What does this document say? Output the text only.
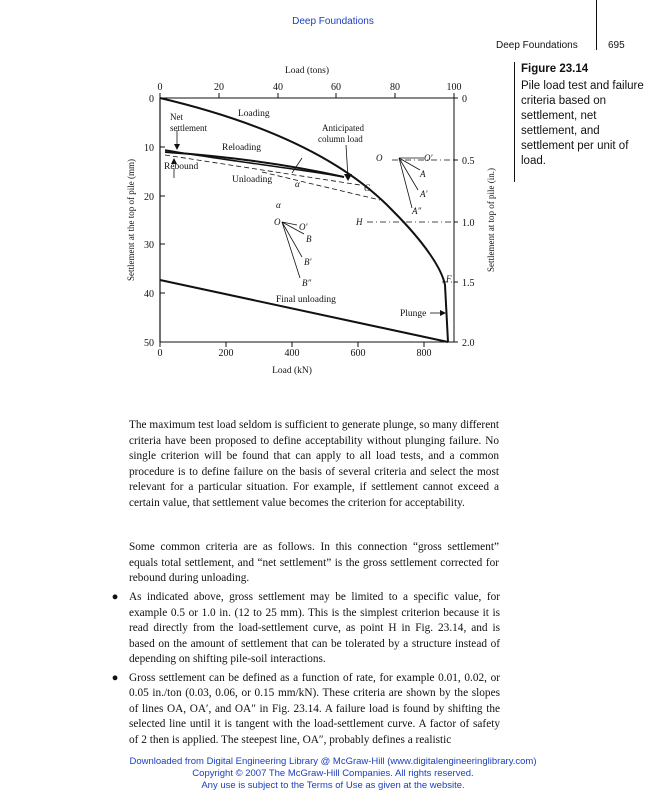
Deep Foundations
Deep Foundations	695
Figure 23.14
Pile load test and failure criteria based on settlement, net settlement, and settlement per unit of load.
0	20	40	60	80	100
Load (tons)
0	200	400	600	800
Load (kN)
0
10
20
30
40
50
Settlement at the top of pile (mm)
0
0.5
1.0
1.5
2.0
Settlement at top of pile (in.)
Loading
Net
settlement	Anticipated
column load
Reloading
Rebound
Unloading
Final unloading
Plunge
α
α
O	O′
A
A′
A″
O O′
B
B′
B″
G
H
F
The maximum test load seldom is sufficient to generate plunge, so many different criteria have been proposed to define acceptability without plunging failure. No single criterion will be found that can apply to all load tests, and a common procedure is to define failure on the basis of several criteria and select the most relevant for a particular situation. For example, if settlement cannot exceed a certain value, that settlement value becomes the criterion for acceptability.
Some common criteria are as follows. In this connection “gross settlement” equals total settlement, and “net settlement” is the gross settlement corrected for rebound during unloading.
● As indicated above, gross settlement may be limited to a specific value, for example 0.5 or 1.0 in. (12 to 25 mm). This is the simplest criterion because it is read directly from the load-settlement curve, as point H in Fig. 23.14, and is based on the amount of settlement that can be tolerated by a structure instead of depending on shifting pile-soil interactions.
● Gross settlement can be defined as a function of rate, for example 0.01, 0.02, or 0.05 in./ton (0.03, 0.06, or 0.15 mm/kN). These criteria are shown by the slopes of lines OA, OA′, and OA″ in Fig. 23.14. A failure load is found by shifting the selected line until it is tangent with the load-settlement curve. A factor of safety of 2 then is applied. The steepest line, OA″, probably defines a realistic
Downloaded from Digital Engineering Library @ McGraw-Hill (www.digitalengineeringlibrary.com)
Copyright © 2007 The McGraw-Hill Companies. All rights reserved.
Any use is subject to the Terms of Use as given at the website.
